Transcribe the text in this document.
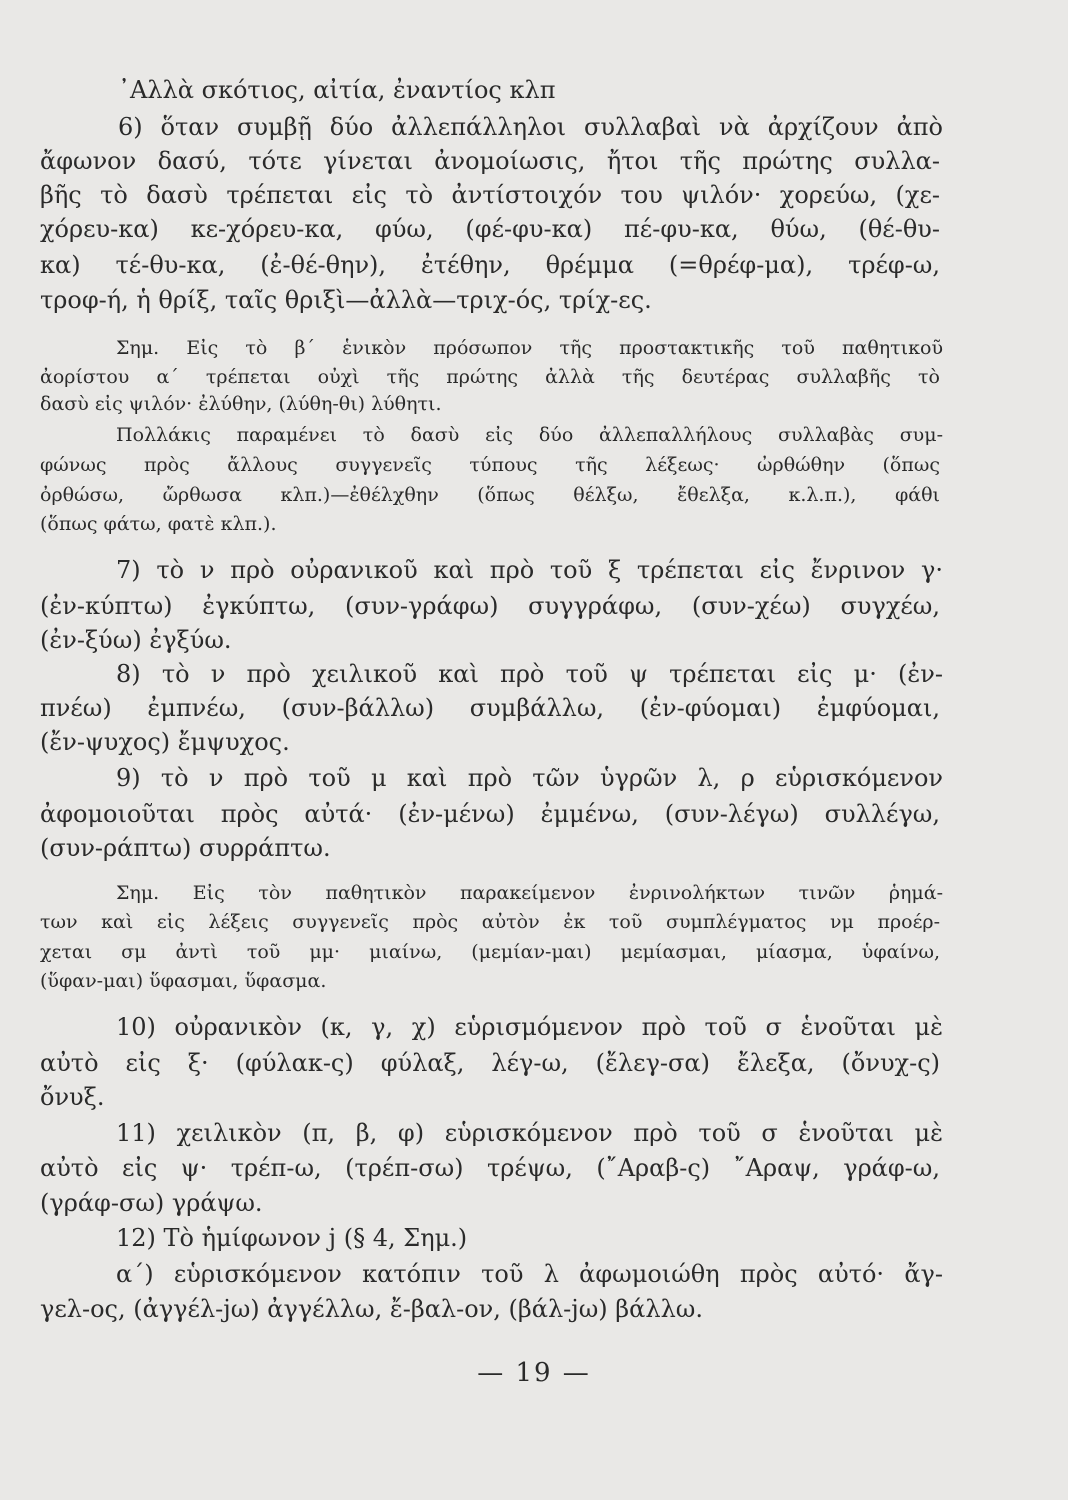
᾿Αλλὰ σκότιος, αἰτία, ἐναντίος κλπ
6) ὅταν συμβῇ δύο ἀλλεπάλληλοι συλλαβαὶ νὰ ἀρχίζουν ἀπὸ
ἄφωνον δασύ, τότε γίνεται ἀνομοίωσις, ἤτοι τῆς πρώτης συλλα-
βῆς τὸ δασὺ τρέπεται εἰς τὸ ἀντίστοιχόν του ψιλόν· χορεύω, (χε-
χόρευ-κα) κε-χόρευ-κα, φύω, (φέ-φυ-κα) πέ-φυ-κα, θύω, (θέ-θυ-
κα) τέ-θυ-κα, (ἐ-θέ-θην), ἐτέθην, θρέμμα (=θρέφ-μα), τρέφ-ω,
τροφ-ή, ἡ θρίξ, ταῖς θριξὶ—ἀλλὰ—τριχ-ός, τρίχ-ες.
Σημ. Εἰς τὸ β΄ ἑνικὸν πρόσωπον τῆς προστακτικῆς τοῦ παθητικοῦ
ἀορίστου α΄ τρέπεται οὐχὶ τῆς πρώτης ἀλλὰ τῆς δευτέρας συλλαβῆς τὸ
δασὺ εἰς ψιλόν· ἐλύθην, (λύθη-θι) λύθητι.
Πολλάκις παραμένει τὸ δασὺ εἰς δύο ἀλλεπαλλήλους συλλαβὰς συμ-
φώνως πρὸς ἄλλους συγγενεῖς τύπους τῆς λέξεως· ὠρθώθην (ὅπως
ὀρθώσω, ὤρθωσα κλπ.)—ἐθέλχθην (ὅπως θέλξω, ἔθελξα, κ.λ.π.), φάθι
(ὅπως φάτω, φατὲ κλπ.).
7) τὸ ν πρὸ οὐρανικοῦ καὶ πρὸ τοῦ ξ τρέπεται εἰς ἔνρινον γ·
(ἐν-κύπτω) ἐγκύπτω, (συν-γράφω) συγγράφω, (συν-χέω) συγχέω,
(ἐν-ξύω) ἐγξύω.
8) τὸ ν πρὸ χειλικοῦ καὶ πρὸ τοῦ ψ τρέπεται εἰς μ· (ἐν-
πνέω) ἐμπνέω, (συν-βάλλω) συμβάλλω, (ἐν-φύομαι) ἐμφύομαι,
(ἔν-ψυχος) ἔμψυχος.
9) τὸ ν πρὸ τοῦ μ καὶ πρὸ τῶν ὑγρῶν λ, ρ εὑρισκόμενον
ἀφομοιοῦται πρὸς αὐτά· (ἐν-μένω) ἐμμένω, (συν-λέγω) συλλέγω,
(συν-ράπτω) συρράπτω.
Σημ. Εἰς τὸν παθητικὸν παρακείμενον ἐνρινολήκτων τινῶν ῥημά-
των καὶ εἰς λέξεις συγγενεῖς πρὸς αὐτὸν ἐκ τοῦ συμπλέγματος νμ προέρ-
χεται σμ ἀντὶ τοῦ μμ· μιαίνω, (μεμίαν-μαι) μεμίασμαι, μίασμα, ὑφαίνω,
(ὕφαν-μαι) ὕφασμαι, ὕφασμα.
10) οὐρανικὸν (κ, γ, χ) εὑρισμόμενον πρὸ τοῦ σ ἑνοῦται μὲ
αὐτὸ εἰς ξ· (φύλακ-ς) φύλαξ, λέγ-ω, (ἔλεγ-σα) ἔλεξα, (ὄνυχ-ς)
ὄνυξ.
11) χειλικὸν (π, β, φ) εὑρισκόμενον πρὸ τοῦ σ ἑνοῦται μὲ
αὐτὸ εἰς ψ· τρέπ-ω, (τρέπ-σω) τρέψω, (῎Αραβ-ς) ῎Αραψ, γράφ-ω,
(γράφ-σω) γράψω.
12) Τὸ ἡμίφωνον j (§ 4, Σημ.)
α΄) εὑρισκόμενον κατόπιν τοῦ λ ἀφωμοιώθη πρὸς αὐτό· ἄγ-
γελ-ος, (ἀγγέλ-jω) ἀγγέλλω, ἔ-βαλ-ον, (βάλ-jω) βάλλω.
— 19 —
